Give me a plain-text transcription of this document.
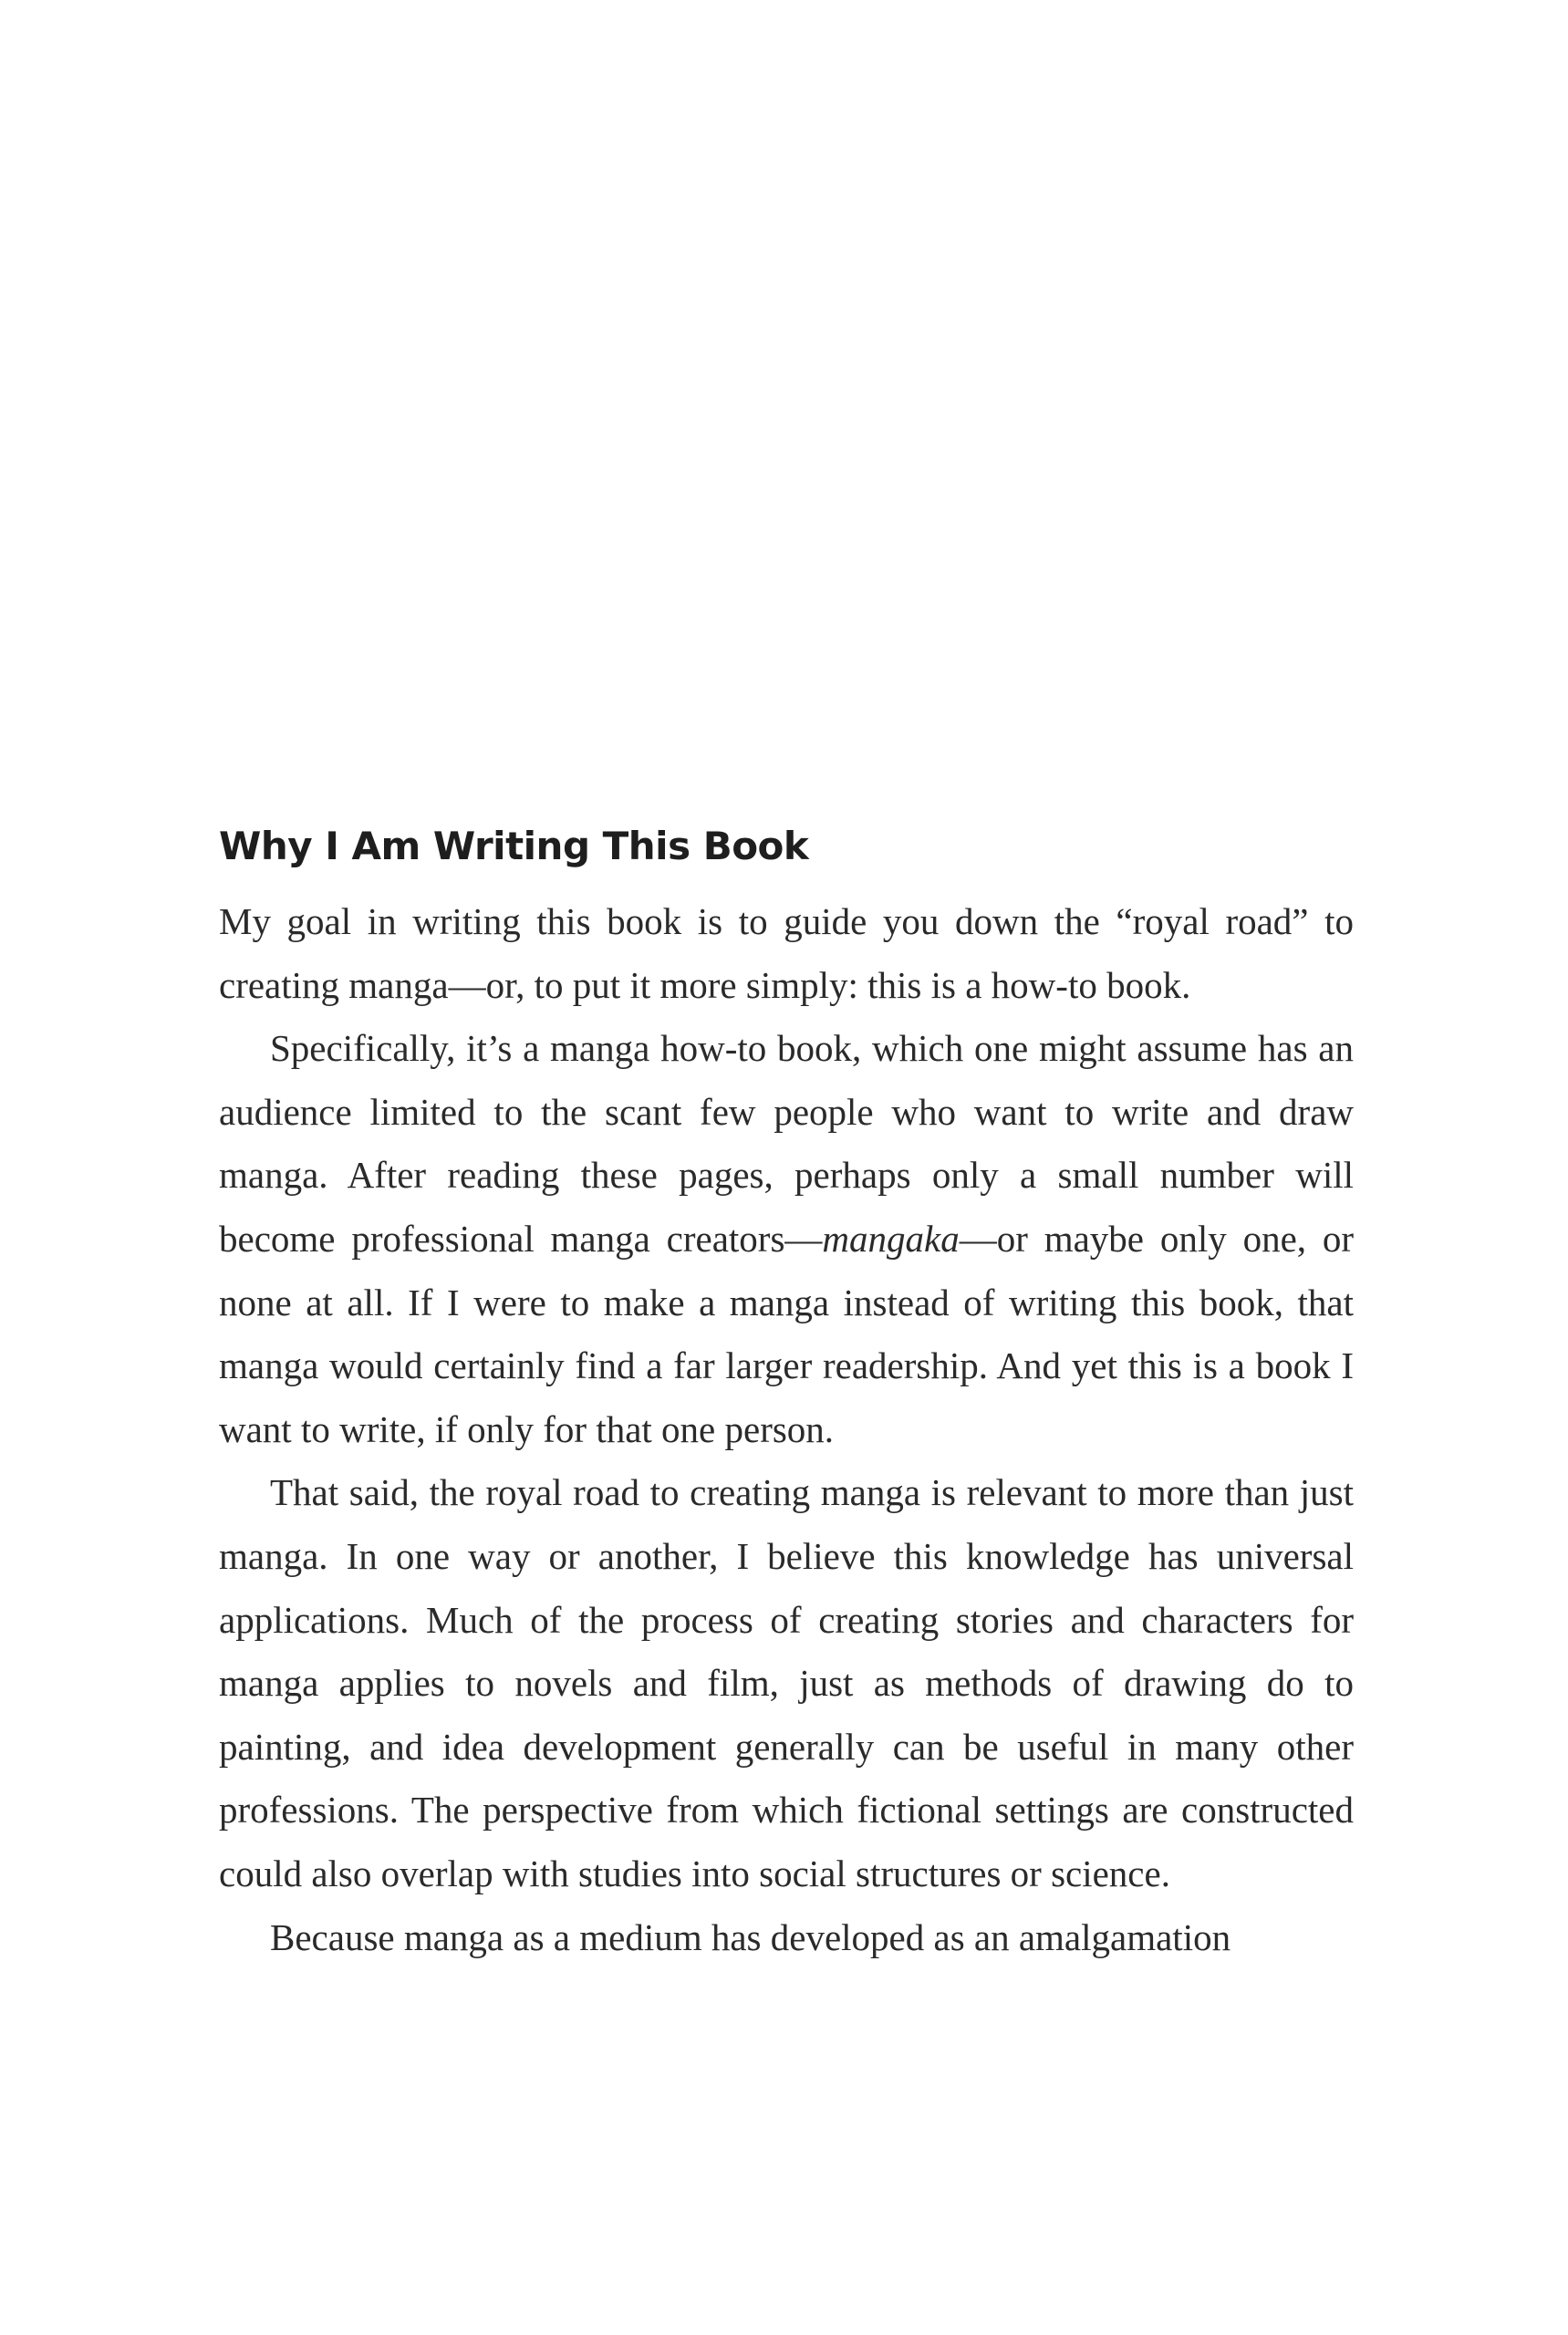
Why I Am Writing This Book

My goal in writing this book is to guide you down the “royal road” to creating manga—or, to put it more simply: this is a how-to book.

Specifically, it’s a manga how-to book, which one might assume has an audience limited to the scant few people who want to write and draw manga. After reading these pages, perhaps only a small number will become professional manga creators—mangaka—or maybe only one, or none at all. If I were to make a manga instead of writing this book, that manga would certainly find a far larger readership. And yet this is a book I want to write, if only for that one person.

That said, the royal road to creating manga is relevant to more than just manga. In one way or another, I believe this knowledge has universal applications. Much of the process of creating stories and characters for manga applies to novels and film, just as methods of drawing do to painting, and idea development generally can be useful in many other professions. The perspective from which fictional settings are constructed could also overlap with studies into social structures or science.

Because manga as a medium has developed as an amalgamation
